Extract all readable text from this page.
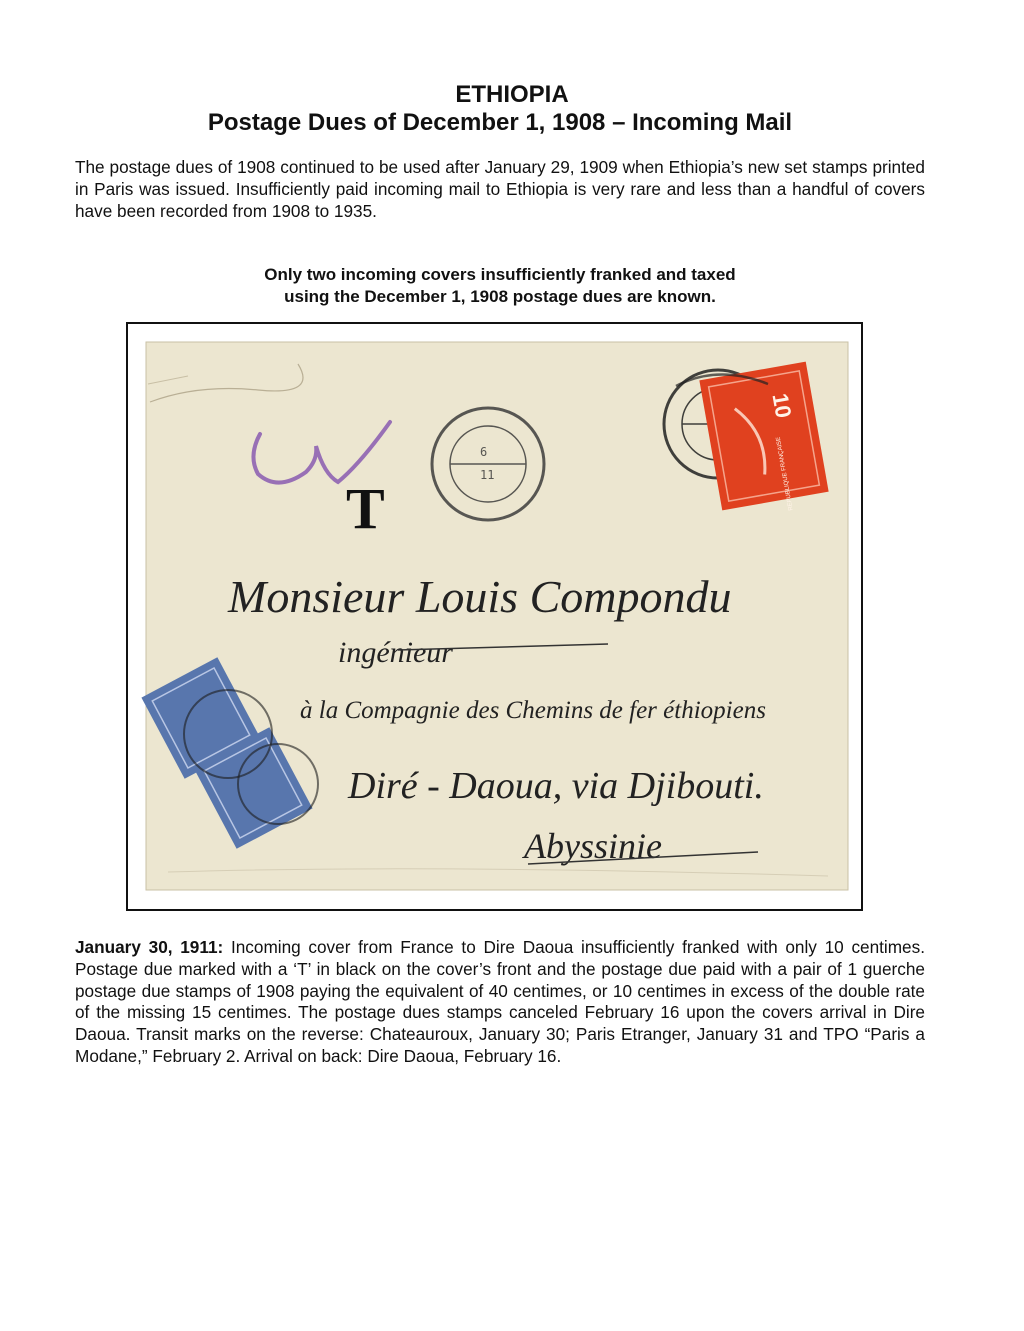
ETHIOPIA
Postage Dues of December 1, 1908 – Incoming Mail

The postage dues of 1908 continued to be used after January 29, 1909 when Ethiopia’s new set stamps printed in Paris was issued. Insufficiently paid incoming mail to Ethiopia is very rare and less than a handful of covers have been recorded from 1908 to 1935.

Only two incoming covers insufficiently franked and taxed
using the December 1, 1908 postage dues are known.
T
6
11
10
REPUBLIQUE FRANÇAISE
Monsieur Louis Compondu
ingénieur
à la Compagnie des Chemins de fer éthiopiens
Diré - Daoua, via Djibouti.
Abyssinie

January 30, 1911: Incoming cover from France to Dire Daoua insufficiently franked with only 10 centimes. Postage due marked with a ‘T’ in black on the cover’s front and the postage due paid with a pair of 1 guerche postage due stamps of 1908 paying the equivalent of 40 centimes, or 10 centimes in excess of the double rate of the missing 15 centimes. The postage dues stamps canceled February 16 upon the covers arrival in Dire Daoua. Transit marks on the reverse: Chateauroux, January 30; Paris Etranger, January 31 and TPO “Paris a Modane,” February 2. Arrival on back: Dire Daoua, February 16.
